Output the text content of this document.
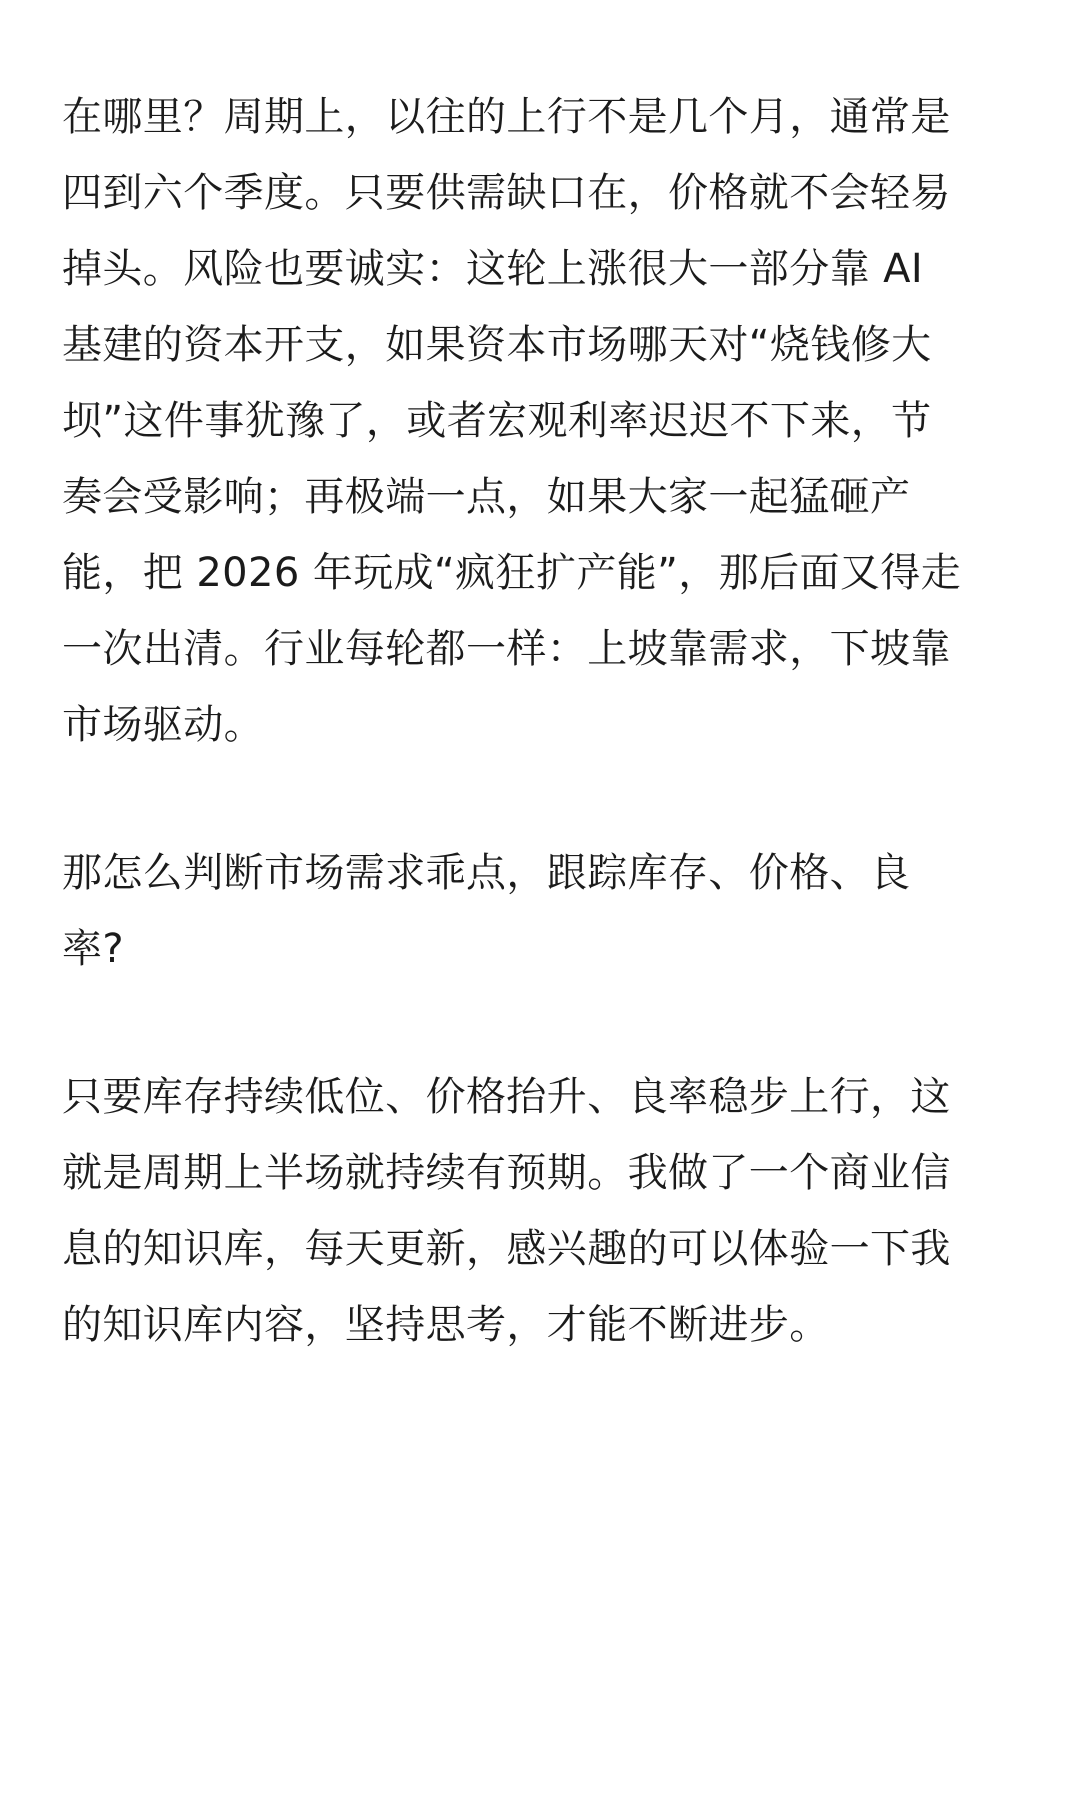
在哪里？周期上，以往的上行不是几个月，通常是
四到六个季度。只要供需缺口在，价格就不会轻易
掉头。风险也要诚实：这轮上涨很大一部分靠 AI
基建的资本开支，如果资本市场哪天对“烧钱修大
坝”这件事犹豫了，或者宏观利率迟迟不下来，节
奏会受影响；再极端一点，如果大家一起猛砸产
能，把 2026 年玩成“疯狂扩产能”，那后面又得走
一次出清。行业每轮都一样：上坡靠需求，下坡靠
市场驱动。

那怎么判断市场需求乖点，跟踪库存、价格、良
率?

只要库存持续低位、价格抬升、良率稳步上行，这
就是周期上半场就持续有预期。我做了一个商业信
息的知识库，每天更新，感兴趣的可以体验一下我
的知识库内容，坚持思考，才能不断进步。
